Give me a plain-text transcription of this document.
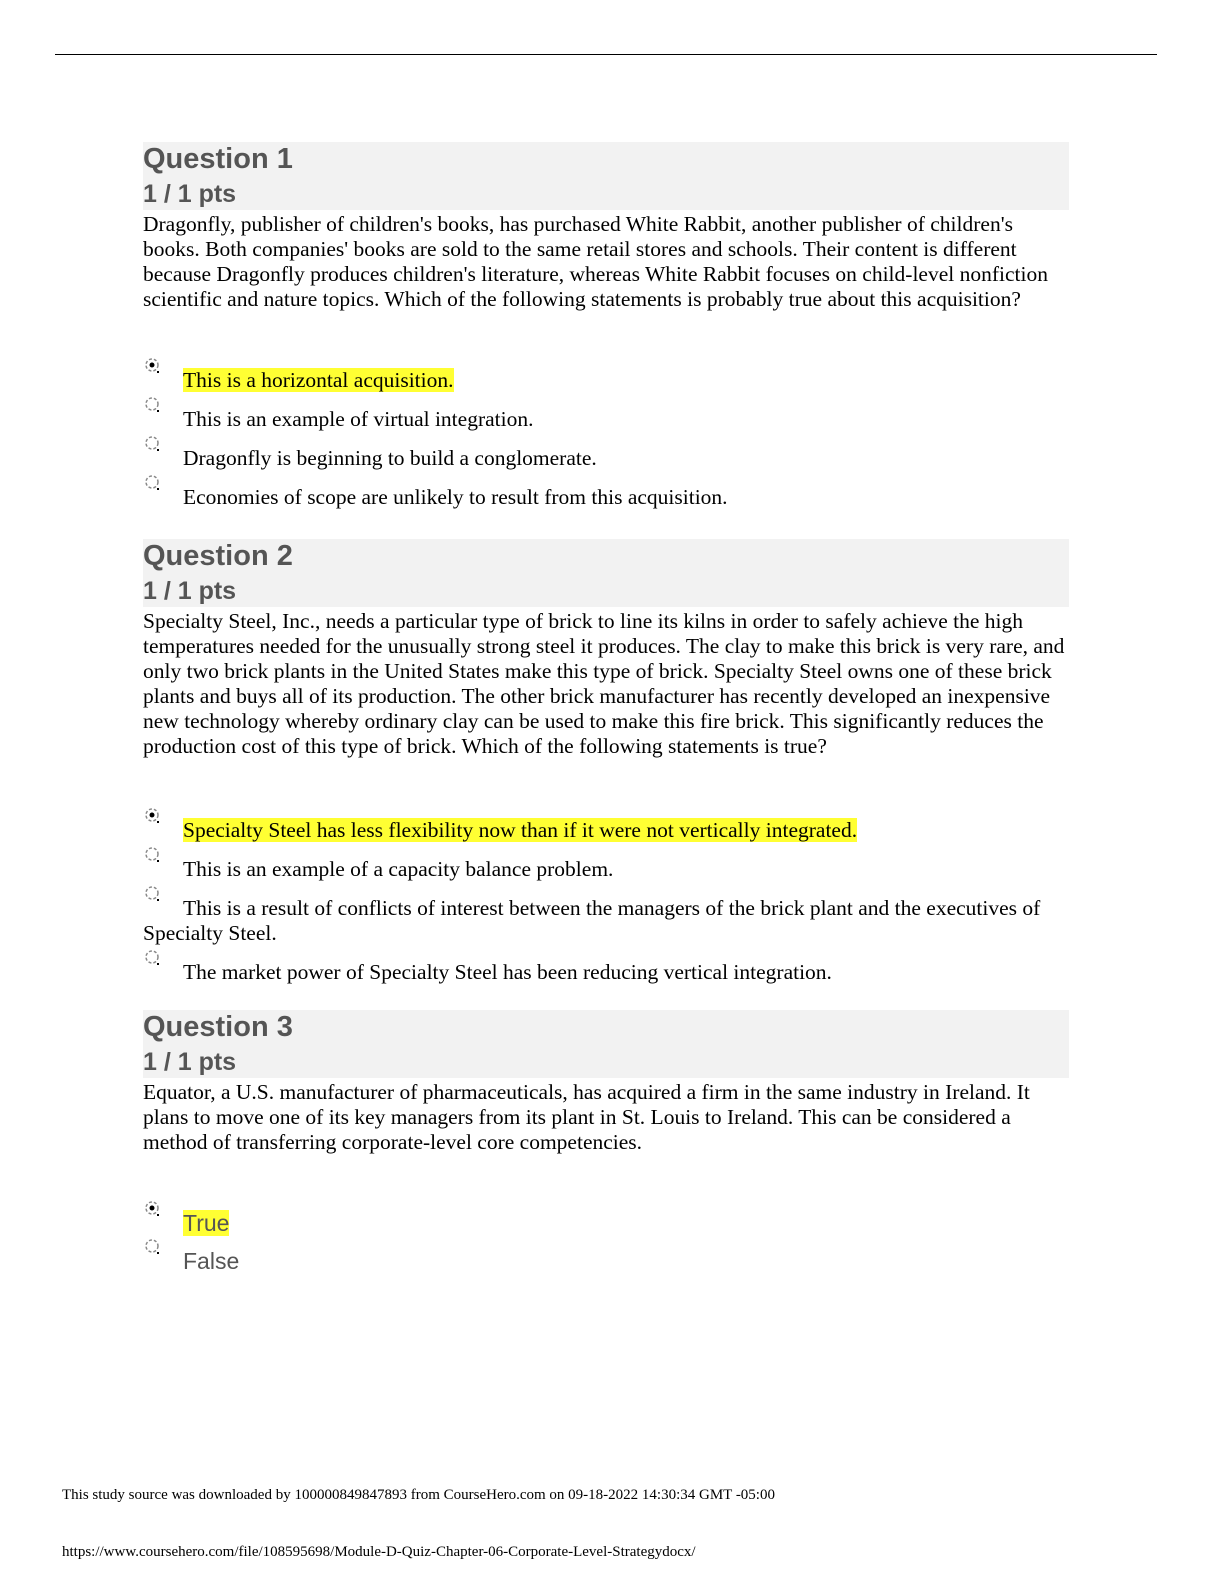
Question 1
1 / 1 pts
Dragonfly, publisher of children's books, has purchased White Rabbit, another publisher of children's books. Both companies' books are sold to the same retail stores and schools. Their content is different because Dragonfly produces children's literature, whereas White Rabbit focuses on child-level nonfiction scientific and nature topics. Which of the following statements is probably true about this acquisition?
This is a horizontal acquisition.
This is an example of virtual integration.
Dragonfly is beginning to build a conglomerate.
Economies of scope are unlikely to result from this acquisition.
Question 2
1 / 1 pts
Specialty Steel, Inc., needs a particular type of brick to line its kilns in order to safely achieve the high temperatures needed for the unusually strong steel it produces. The clay to make this brick is very rare, and only two brick plants in the United States make this type of brick. Specialty Steel owns one of these brick plants and buys all of its production. The other brick manufacturer has recently developed an inexpensive new technology whereby ordinary clay can be used to make this fire brick. This significantly reduces the production cost of this type of brick. Which of the following statements is true?
Specialty Steel has less flexibility now than if it were not vertically integrated.
This is an example of a capacity balance problem.
This is a result of conflicts of interest between the managers of the brick plant and the executives of Specialty Steel.
The market power of Specialty Steel has been reducing vertical integration.
Question 3
1 / 1 pts
Equator, a U.S. manufacturer of pharmaceuticals, has acquired a firm in the same industry in Ireland. It plans to move one of its key managers from its plant in St. Louis to Ireland. This can be considered a method of transferring corporate-level core competencies.
True
False
This study source was downloaded by 100000849847893 from CourseHero.com on 09-18-2022 14:30:34 GMT -05:00
https://www.coursehero.com/file/108595698/Module-D-Quiz-Chapter-06-Corporate-Level-Strategydocx/
